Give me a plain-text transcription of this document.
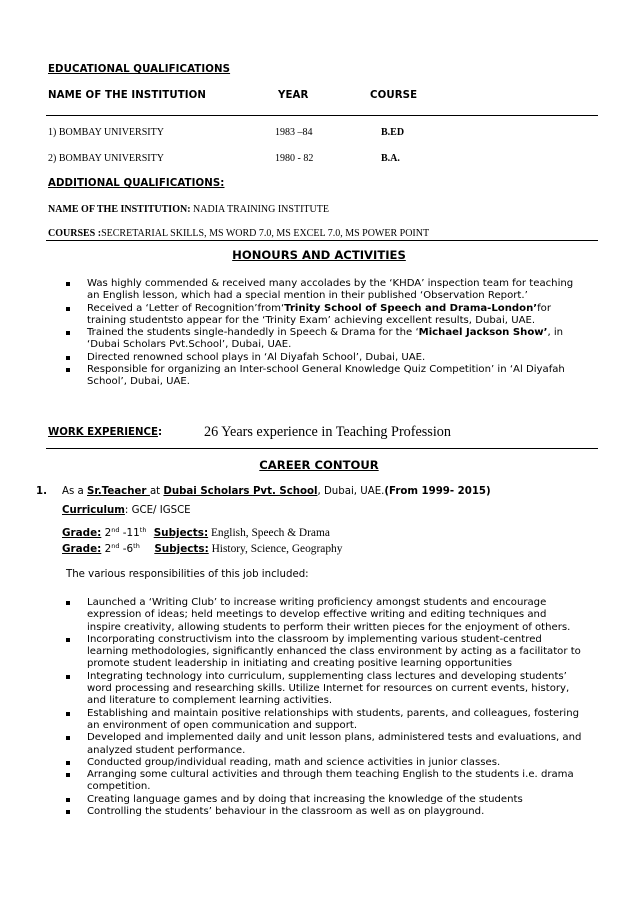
EDUCATIONAL QUALIFICATIONS
NAME OF THE INSTITUTION	YEAR	COURSE
1) BOMBAY UNIVERSITY	1983 –84	B.ED
2) BOMBAY UNIVERSITY	1980 - 82	B.A.
ADDITIONAL QUALIFICATIONS:
NAME OF THE INSTITUTION: NADIA TRAINING INSTITUTE
COURSES :SECRETARIAL SKILLS, MS WORD 7.0, MS EXCEL 7.0, MS POWER POINT
HONOURS AND ACTIVITIES
Was highly commended & received many accolades by the ‘KHDA’ inspection team for teaching an English lesson, which had a special mention in their published ‘Observation Report.’
Received a ‘Letter of Recognition’from‘Trinity School of Speech and Drama-London’for training studentsto appear for the ‘Trinity Exam’ achieving excellent results, Dubai, UAE.
Trained the students single-handedly in Speech & Drama for the ‘Michael Jackson Show’, in ‘Dubai Scholars Pvt.School’, Dubai, UAE.
Directed renowned school plays in ‘Al Diyafah School’, Dubai, UAE.
Responsible for organizing an Inter-school General Knowledge Quiz Competition’ in ‘Al Diyafah School’, Dubai, UAE.
WORK EXPERIENCE:	26 Years experience in Teaching Profession
CAREER CONTOUR
1. As a Sr.Teacher at Dubai Scholars Pvt. School, Dubai, UAE.(From 1999- 2015)
Curriculum: GCE/ IGSCE
Grade: 2nd -11th Subjects: English, Speech & Drama
Grade: 2nd -6th Subjects: History, Science, Geography
The various responsibilities of this job included:
Launched a ‘Writing Club’ to increase writing proficiency amongst students and encourage expression of ideas; held meetings to develop effective writing and editing techniques and inspire creativity, allowing students to perform their written pieces for the enjoyment of others.
Incorporating constructivism into the classroom by implementing various student-centred learning methodologies, significantly enhanced the class environment by acting as a facilitator to promote student leadership in initiating and creating positive learning opportunities
Integrating technology into curriculum, supplementing class lectures and developing students’ word processing and researching skills. Utilize Internet for resources on current events, history, and literature to complement learning activities.
Establishing and maintain positive relationships with students, parents, and colleagues, fostering an environment of open communication and support.
Developed and implemented daily and unit lesson plans, administered tests and evaluations, and analyzed student performance.
Conducted group/individual reading, math and science activities in junior classes.
Arranging some cultural activities and through them teaching English to the students i.e. drama competition.
Creating language games and by doing that increasing the knowledge of the students
Controlling the students’ behaviour in the classroom as well as on playground.
